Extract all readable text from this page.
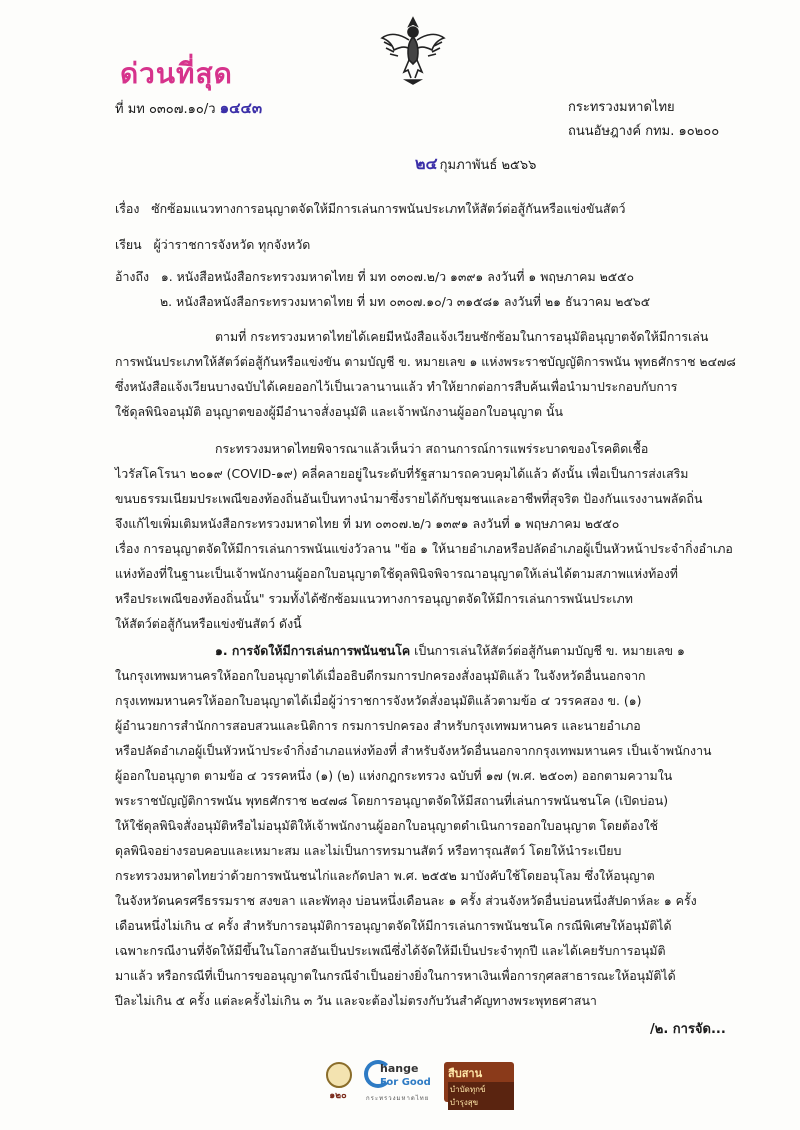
ด่วนที่สุด
ที่ มท ๐๓๐๗.๑๐/ว ๑๔๔๓	กระทรวงมหาดไทย
ถนนอัษฎางค์ กทม. ๑๐๒๐๐
๒๔ กุมภาพันธ์ ๒๕๖๖
เรื่อง ซักซ้อมแนวทางการอนุญาตจัดให้มีการเล่นการพนันประเภทให้สัตว์ต่อสู้กันหรือแข่งขันสัตว์
เรียน ผู้ว่าราชการจังหวัด ทุกจังหวัด
อ้างถึง ๑. หนังสือหนังสือกระทรวงมหาดไทย ที่ มท ๐๓๐๗.๒/ว ๑๓๙๑ ลงวันที่ ๑ พฤษภาคม ๒๕๕๐
๒. หนังสือหนังสือกระทรวงมหาดไทย ที่ มท ๐๓๐๗.๑๐/ว ๓๑๕๘๑ ลงวันที่ ๒๑ ธันวาคม ๒๕๖๕
ตามที่ กระทรวงมหาดไทยได้เคยมีหนังสือแจ้งเวียนซักซ้อมในการอนุมัติอนุญาตจัดให้มีการเล่น
การพนันประเภทให้สัตว์ต่อสู้กันหรือแข่งขัน ตามบัญชี ข. หมายเลข ๑ แห่งพระราชบัญญัติการพนัน พุทธศักราช ๒๔๗๘
ซึ่งหนังสือแจ้งเวียนบางฉบับได้เคยออกไว้เป็นเวลานานแล้ว ทำให้ยากต่อการสืบค้นเพื่อนำมาประกอบกับการ
ใช้ดุลพินิจอนุมัติ อนุญาตของผู้มีอำนาจสั่งอนุมัติ และเจ้าพนักงานผู้ออกใบอนุญาต นั้น
กระทรวงมหาดไทยพิจารณาแล้วเห็นว่า สถานการณ์การแพร่ระบาดของโรคติดเชื้อ
ไวรัสโคโรนา ๒๐๑๙ (COVID-๑๙) คลี่คลายอยู่ในระดับที่รัฐสามารถควบคุมได้แล้ว ดังนั้น เพื่อเป็นการส่งเสริม
ขนบธรรมเนียมประเพณีของท้องถิ่นอันเป็นทางนำมาซึ่งรายได้กับชุมชนและอาชีพที่สุจริต ป้องกันแรงงานพลัดถิ่น
จึงแก้ไขเพิ่มเติมหนังสือกระทรวงมหาดไทย ที่ มท ๐๓๐๗.๒/ว ๑๓๙๑ ลงวันที่ ๑ พฤษภาคม ๒๕๕๐
เรื่อง การอนุญาตจัดให้มีการเล่นการพนันแข่งวัวลาน "ข้อ ๑ ให้นายอำเภอหรือปลัดอำเภอผู้เป็นหัวหน้าประจำกิ่งอำเภอ
แห่งท้องที่ในฐานะเป็นเจ้าพนักงานผู้ออกใบอนุญาตใช้ดุลพินิจพิจารณาอนุญาตให้เล่นได้ตามสภาพแห่งท้องที่
หรือประเพณีของท้องถิ่นนั้น" รวมทั้งได้ซักซ้อมแนวทางการอนุญาตจัดให้มีการเล่นการพนันประเภท
ให้สัตว์ต่อสู้กันหรือแข่งขันสัตว์ ดังนี้
๑. การจัดให้มีการเล่นการพนันชนโค เป็นการเล่นให้สัตว์ต่อสู้กันตามบัญชี ข. หมายเลข ๑
ในกรุงเทพมหานครให้ออกใบอนุญาตได้เมื่ออธิบดีกรมการปกครองสั่งอนุมัติแล้ว ในจังหวัดอื่นนอกจาก
กรุงเทพมหานครให้ออกใบอนุญาตได้เมื่อผู้ว่าราชการจังหวัดสั่งอนุมัติแล้วตามข้อ ๔ วรรคสอง ข. (๑)
ผู้อำนวยการสำนักการสอบสวนและนิติการ กรมการปกครอง สำหรับกรุงเทพมหานคร และนายอำเภอ
หรือปลัดอำเภอผู้เป็นหัวหน้าประจำกิ่งอำเภอแห่งท้องที่ สำหรับจังหวัดอื่นนอกจากกรุงเทพมหานคร เป็นเจ้าพนักงาน
ผู้ออกใบอนุญาต ตามข้อ ๔ วรรคหนึ่ง (๑) (๒) แห่งกฎกระทรวง ฉบับที่ ๑๗ (พ.ศ. ๒๕๐๓) ออกตามความใน
พระราชบัญญัติการพนัน พุทธศักราช ๒๔๗๘ โดยการอนุญาตจัดให้มีสถานที่เล่นการพนันชนโค (เปิดบ่อน)
ให้ใช้ดุลพินิจสั่งอนุมัติหรือไม่อนุมัติให้เจ้าพนักงานผู้ออกใบอนุญาตดำเนินการออกใบอนุญาต โดยต้องใช้
ดุลพินิจอย่างรอบคอบและเหมาะสม และไม่เป็นการทรมานสัตว์ หรือทารุณสัตว์ โดยให้นำระเบียบ
กระทรวงมหาดไทยว่าด้วยการพนันชนไก่และกัดปลา พ.ศ. ๒๕๕๒ มาบังคับใช้โดยอนุโลม ซึ่งให้อนุญาต
ในจังหวัดนครศรีธรรมราช สงขลา และพัทลุง บ่อนหนึ่งเดือนละ ๑ ครั้ง ส่วนจังหวัดอื่นบ่อนหนึ่งสัปดาห์ละ ๑ ครั้ง
เดือนหนึ่งไม่เกิน ๔ ครั้ง สำหรับการอนุมัติการอนุญาตจัดให้มีการเล่นการพนันชนโค กรณีพิเศษให้อนุมัติได้
เฉพาะกรณีงานที่จัดให้มีขึ้นในโอกาสอันเป็นประเพณีซึ่งได้จัดให้มีเป็นประจำทุกปี และได้เคยรับการอนุมัติ
มาแล้ว หรือกรณีที่เป็นการขออนุญาตในกรณีจำเป็นอย่างยิ่งในการหาเงินเพื่อการกุศลสาธารณะให้อนุมัติได้
ปีละไม่เกิน ๕ ครั้ง แต่ละครั้งไม่เกิน ๓ วัน และจะต้องไม่ตรงกับวันสำคัญทางพระพุทธศาสนา
/๒. การจัด...
๑๒๐
hange
For Good
กระทรวงมหาดไทย
สืบสาน
บำบัดทุกข์ บำรุงสุข
